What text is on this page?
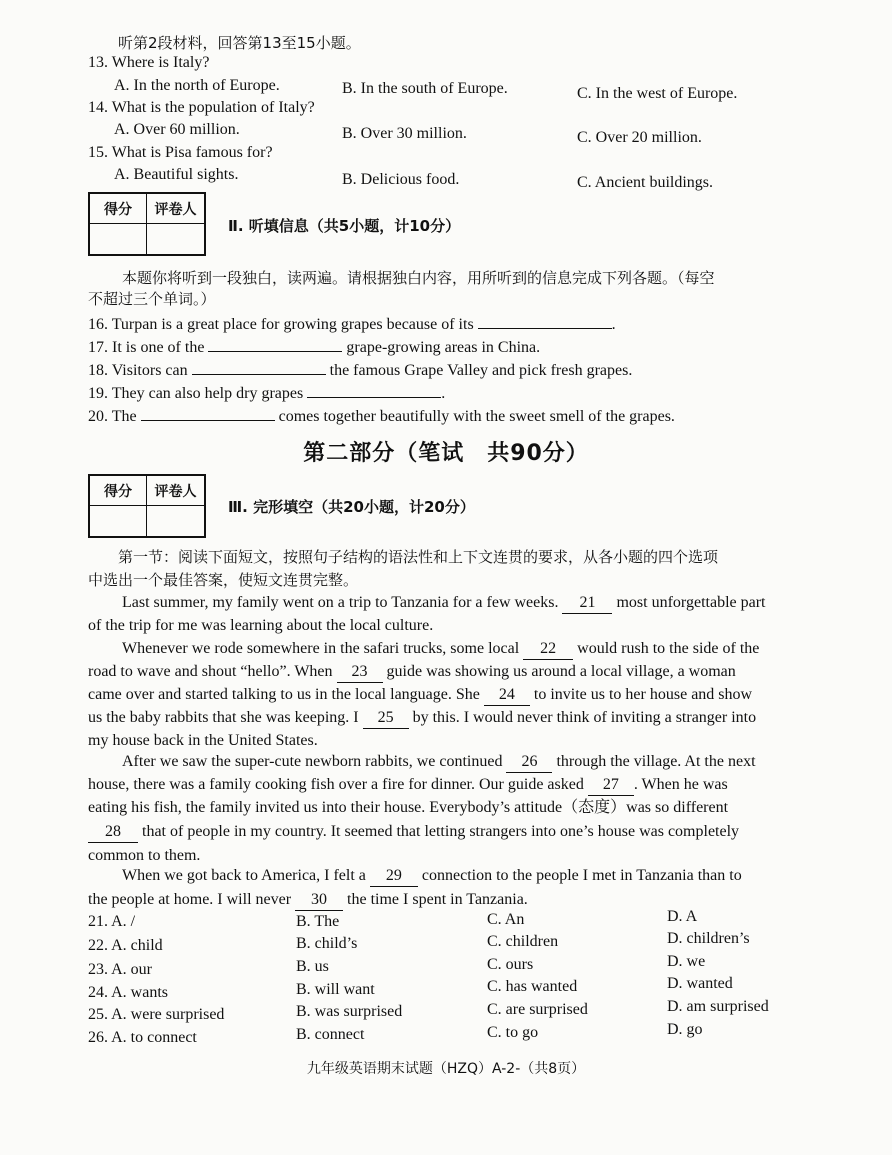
听第2段材料，回答第13至15小题。
13. Where is Italy?
A. In the north of Europe.	B. In the south of Europe.	C. In the west of Europe.
14. What is the population of Italy?
A. Over 60 million.	B. Over 30 million.	C. Over 20 million.
15. What is Pisa famous for?
A. Beautiful sights.	B. Delicious food.	C. Ancient buildings.
得分	评卷人
Ⅱ. 听填信息（共5小题，计10分）
本题你将听到一段独白，读两遍。请根据独白内容，用所听到的信息完成下列各题。（每空
不超过三个单词。）
16. Turpan is a great place for growing grapes because of its	.
17. It is one of the	grape-growing areas in China.
18. Visitors can	the famous Grape Valley and pick fresh grapes.
19. They can also help dry grapes	.
20. The	comes together beautifully with the sweet smell of the grapes.
第二部分（笔试　共90分）
得分	评卷人
Ⅲ. 完形填空（共20小题，计20分）
第一节：阅读下面短文，按照句子结构的语法性和上下文连贯的要求，从各小题的四个选项
中选出一个最佳答案，使短文连贯完整。
Last summer, my family went on a trip to Tanzania for a few weeks. 21 most unforgettable part
of the trip for me was learning about the local culture.
Whenever we rode somewhere in the safari trucks, some local 22 would rush to the side of the
road to wave and shout “hello”. When 23 guide was showing us around a local village, a woman
came over and started talking to us in the local language. She 24 to invite us to her house and show
us the baby rabbits that she was keeping. I 25 by this. I would never think of inviting a stranger into
my house back in the United States.
After we saw the super-cute newborn rabbits, we continued 26 through the village. At the next
house, there was a family cooking fish over a fire for dinner. Our guide asked 27 . When he was
eating his fish, the family invited us into their house. Everybody’s attitude（态度）was so different
28 that of people in my country. It seemed that letting strangers into one’s house was completely
common to them.
When we got back to America, I felt a 29 connection to the people I met in Tanzania than to
the people at home. I will never 30 the time I spent in Tanzania.
21. A. /	B. The	C. An	D. A
22. A. child	B. child’s	C. children	D. children’s
23. A. our	B. us	C. ours	D. we
24. A. wants	B. will want	C. has wanted	D. wanted
25. A. were surprised	B. was surprised	C. are surprised	D. am surprised
26. A. to connect	B. connect	C. to go	D. go
九年级英语期末试题（HZQ）A-2-（共8页）
